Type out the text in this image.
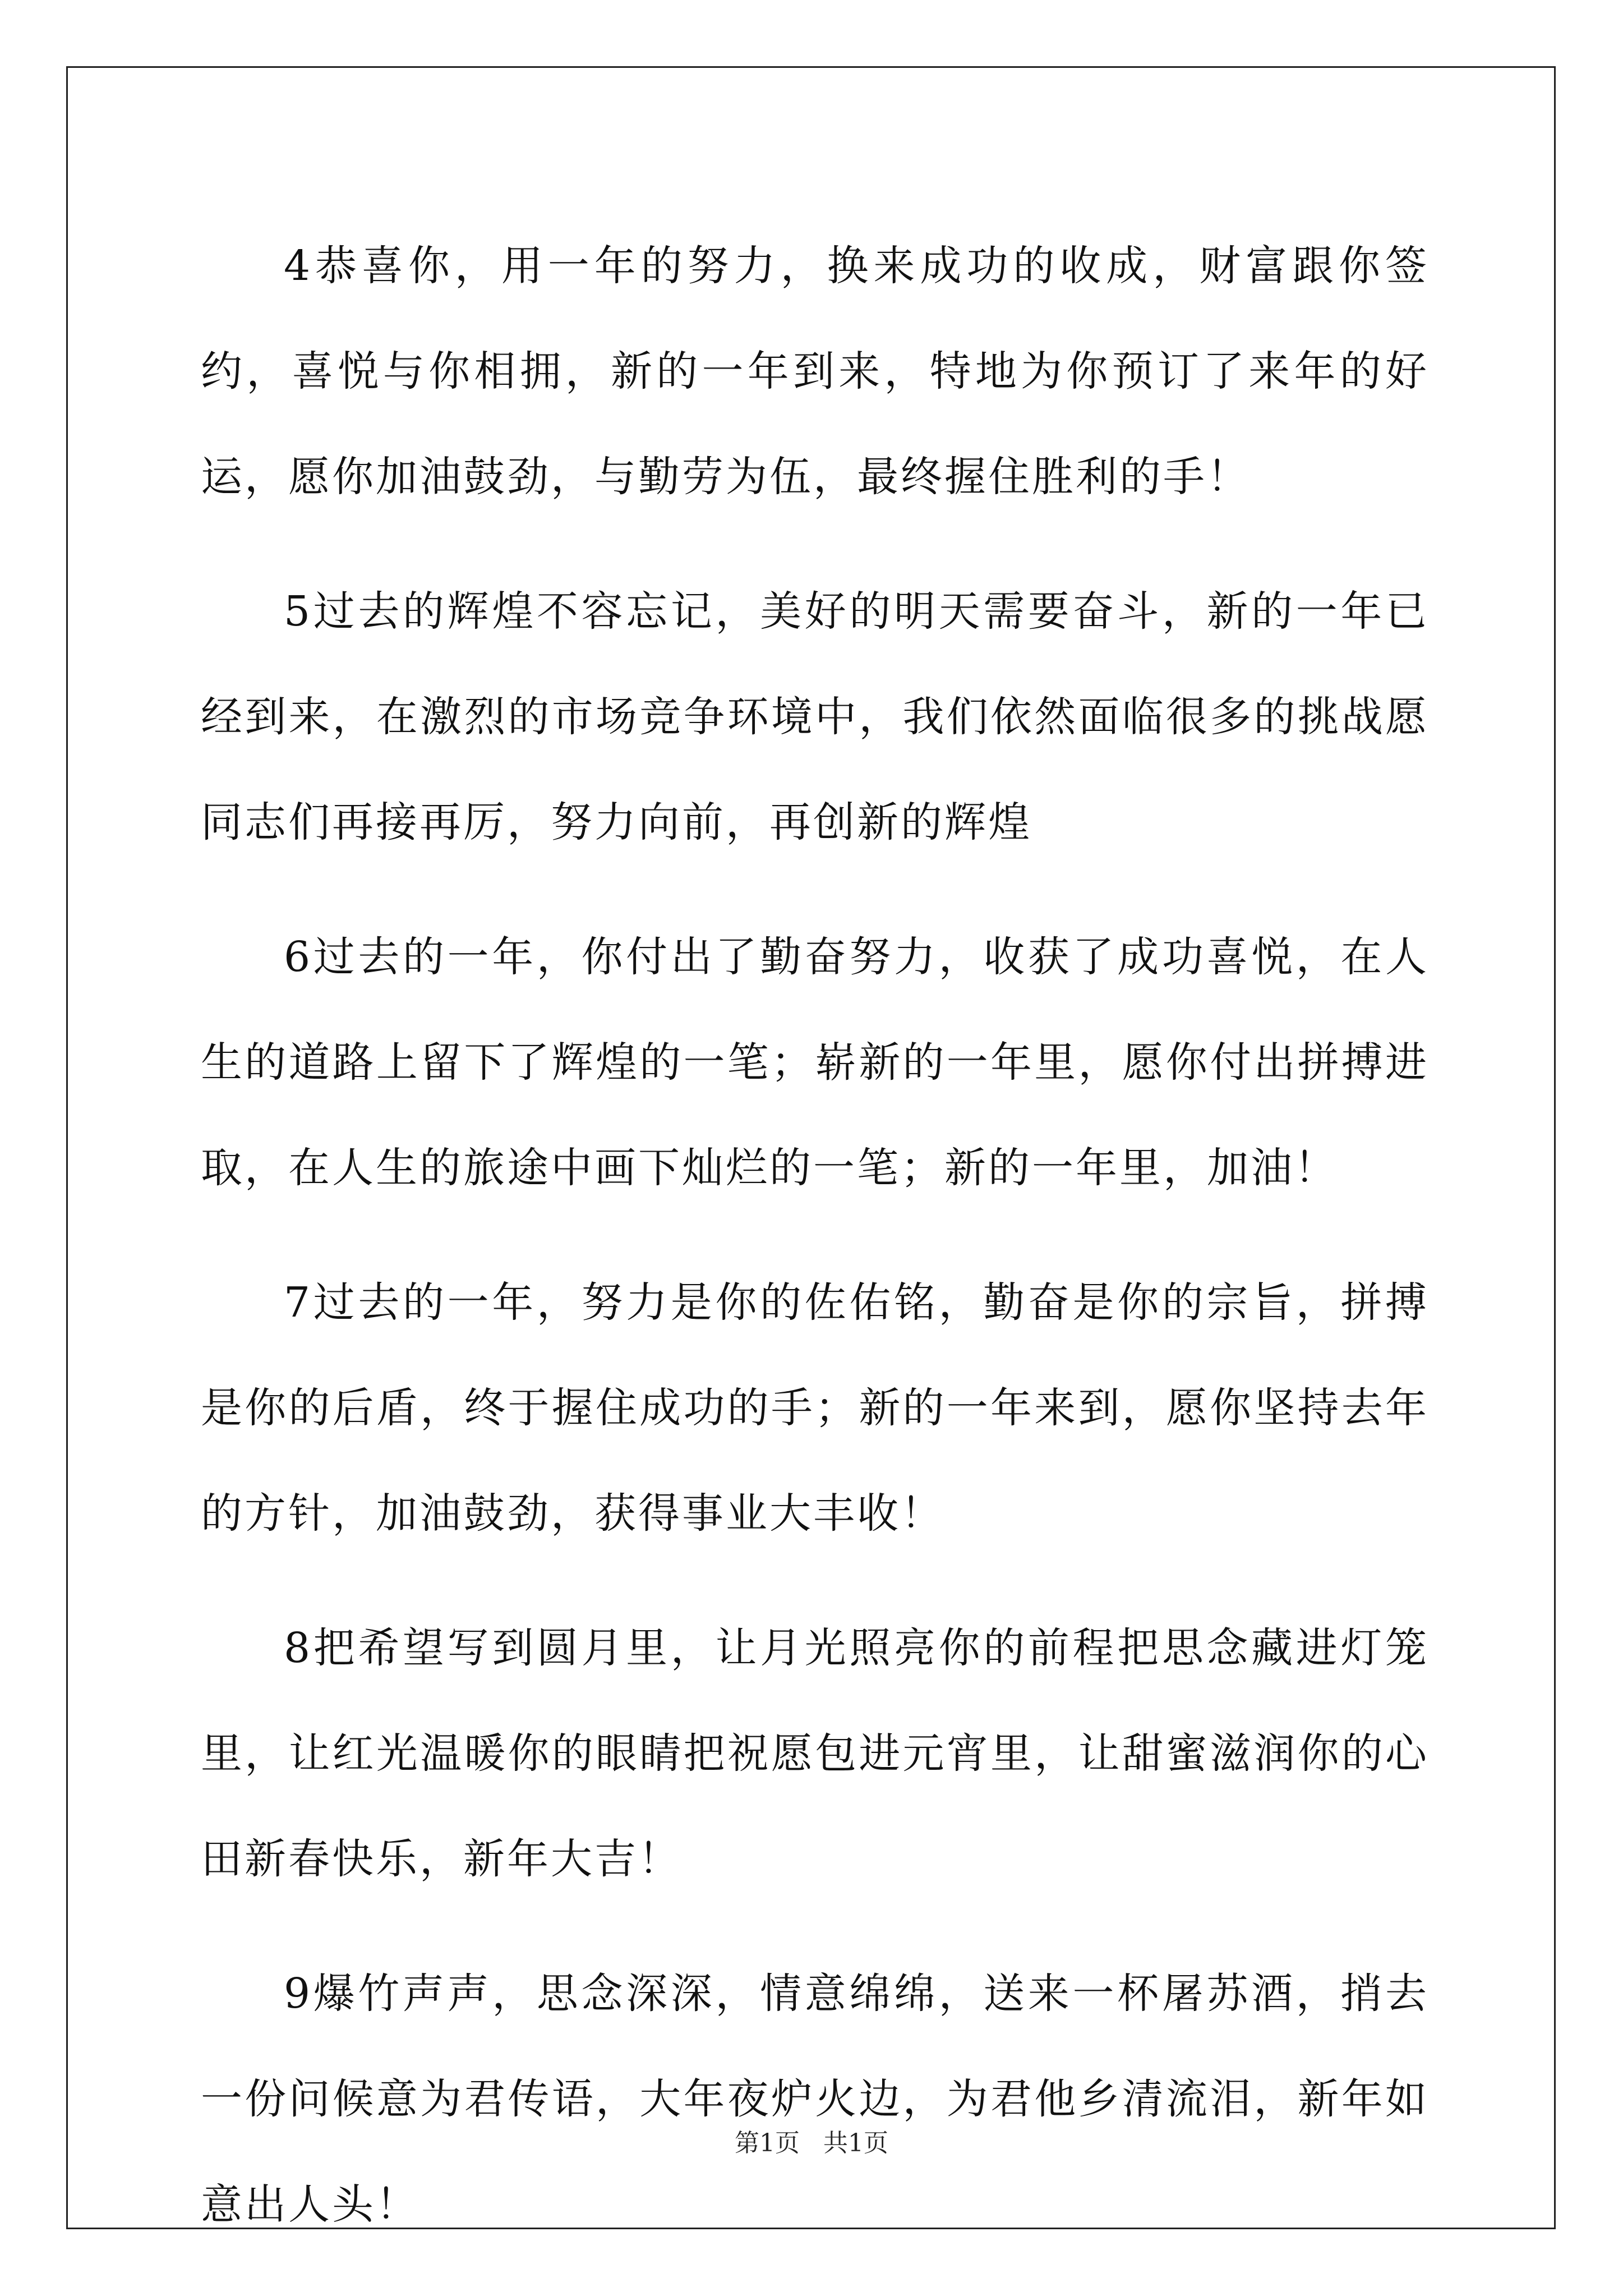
4恭喜你，用一年的努力，换来成功的收成，财富跟你签约，喜悦与你相拥，新的一年到来，特地为你预订了来年的好运，愿你加油鼓劲，与勤劳为伍，最终握住胜利的手！

5过去的辉煌不容忘记，美好的明天需要奋斗，新的一年已经到来，在激烈的市场竞争环境中，我们依然面临很多的挑战愿同志们再接再厉，努力向前，再创新的辉煌

6过去的一年，你付出了勤奋努力，收获了成功喜悦，在人生的道路上留下了辉煌的一笔；崭新的一年里，愿你付出拼搏进取，在人生的旅途中画下灿烂的一笔；新的一年里，加油！

7过去的一年，努力是你的佐佑铭，勤奋是你的宗旨，拼搏是你的后盾，终于握住成功的手；新的一年来到，愿你坚持去年的方针，加油鼓劲，获得事业大丰收！

8把希望写到圆月里，让月光照亮你的前程把思念藏进灯笼里，让红光温暖你的眼睛把祝愿包进元宵里，让甜蜜滋润你的心田新春快乐，新年大吉！

9爆竹声声，思念深深，情意绵绵，送来一杯屠苏酒，捎去一份问候意为君传语，大年夜炉火边，为君他乡清流泪，新年如意出人头！

第1页 共1页
